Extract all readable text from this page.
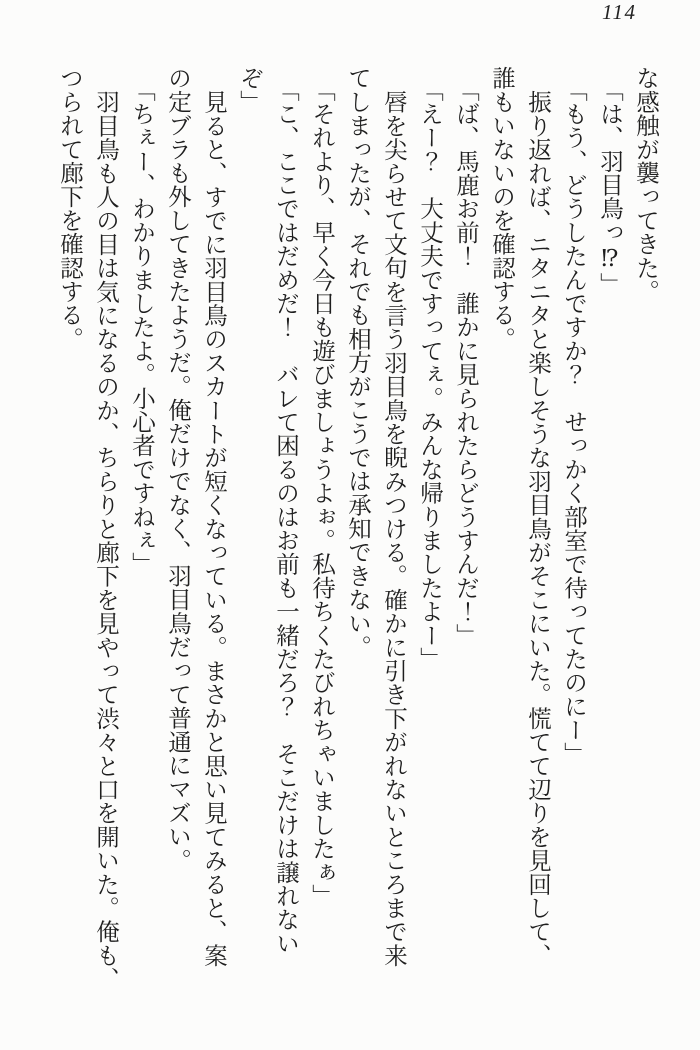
114
な感触が襲ってきた。
「は、羽目鳥っ⁉」
「もう、どうしたんですか？　せっかく部室で待ってたのにー」
振り返れば、ニタニタと楽しそうな羽目鳥がそこにいた。慌てて辺りを見回して、
誰もいないのを確認する。
「ば、馬鹿お前！　誰かに見られたらどうすんだ！」
「えー？　大丈夫ですってぇ。みんな帰りましたよー」
唇を尖らせて文句を言う羽目鳥を睨みつける。確かに引き下がれないところまで来
てしまったが、それでも相方がこうでは承知できない。
「それより、早く今日も遊びましょうよぉ。私待ちくたびれちゃいましたぁ」
「こ、ここではだめだ！　バレて困るのはお前も一緒だろ？　そこだけは譲れない
ぞ」
見ると、すでに羽目鳥のスカートが短くなっている。まさかと思い見てみると、案
の定ブラも外してきたようだ。俺だけでなく、羽目鳥だって普通にマズい。
「ちぇー、わかりましたよ。小心者ですねぇ」
羽目鳥も人の目は気になるのか、ちらりと廊下を見やって渋々と口を開いた。俺も、
つられて廊下を確認する。
